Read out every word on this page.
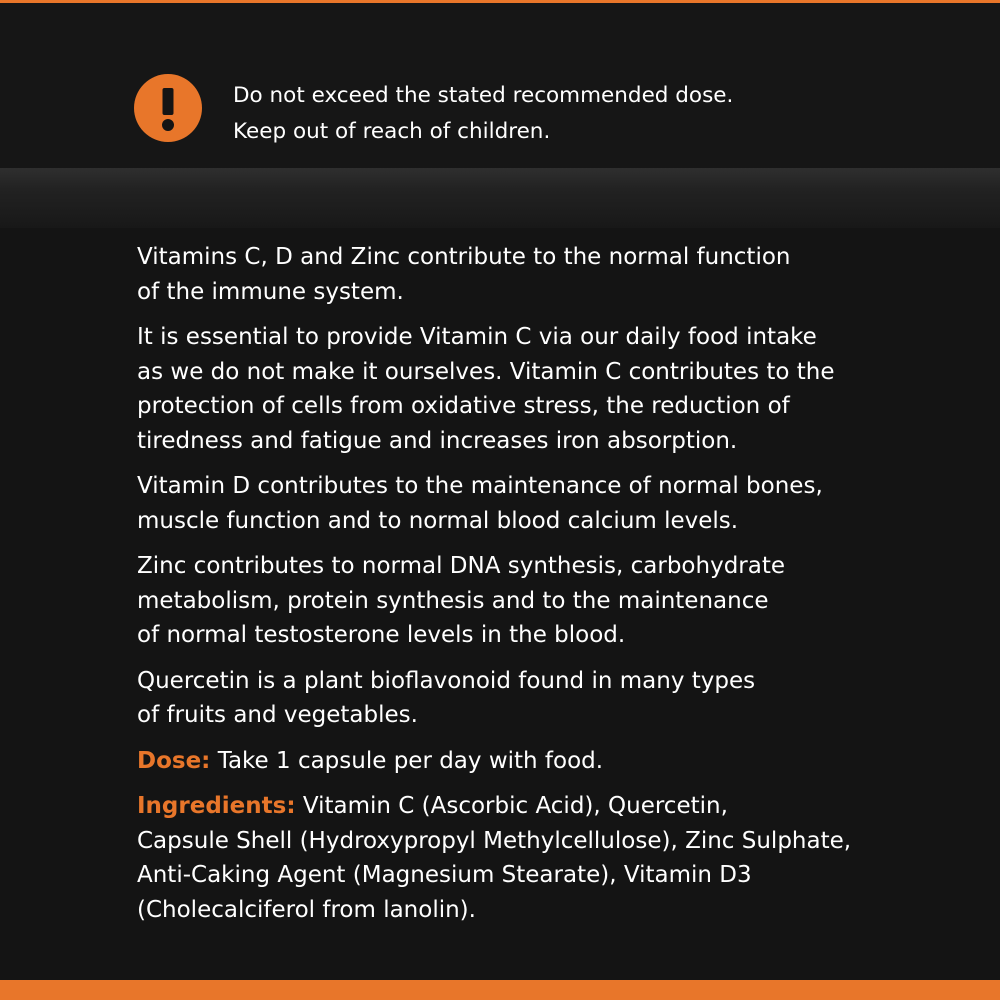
Do not exceed the stated recommended dose.
Keep out of reach of children.
Vitamins C, D and Zinc contribute to the normal function
of the immune system.
It is essential to provide Vitamin C via our daily food intake
as we do not make it ourselves. Vitamin C contributes to the
protection of cells from oxidative stress, the reduction of
tiredness and fatigue and increases iron absorption.
Vitamin D contributes to the maintenance of normal bones,
muscle function and to normal blood calcium levels.
Zinc contributes to normal DNA synthesis, carbohydrate
metabolism, protein synthesis and to the maintenance
of normal testosterone levels in the blood.
Quercetin is a plant bioflavonoid found in many types
of fruits and vegetables.
Dose: Take 1 capsule per day with food.
Ingredients: Vitamin C (Ascorbic Acid), Quercetin,
Capsule Shell (Hydroxypropyl Methylcellulose), Zinc Sulphate,
Anti-Caking Agent (Magnesium Stearate), Vitamin D3
(Cholecalciferol from lanolin).
